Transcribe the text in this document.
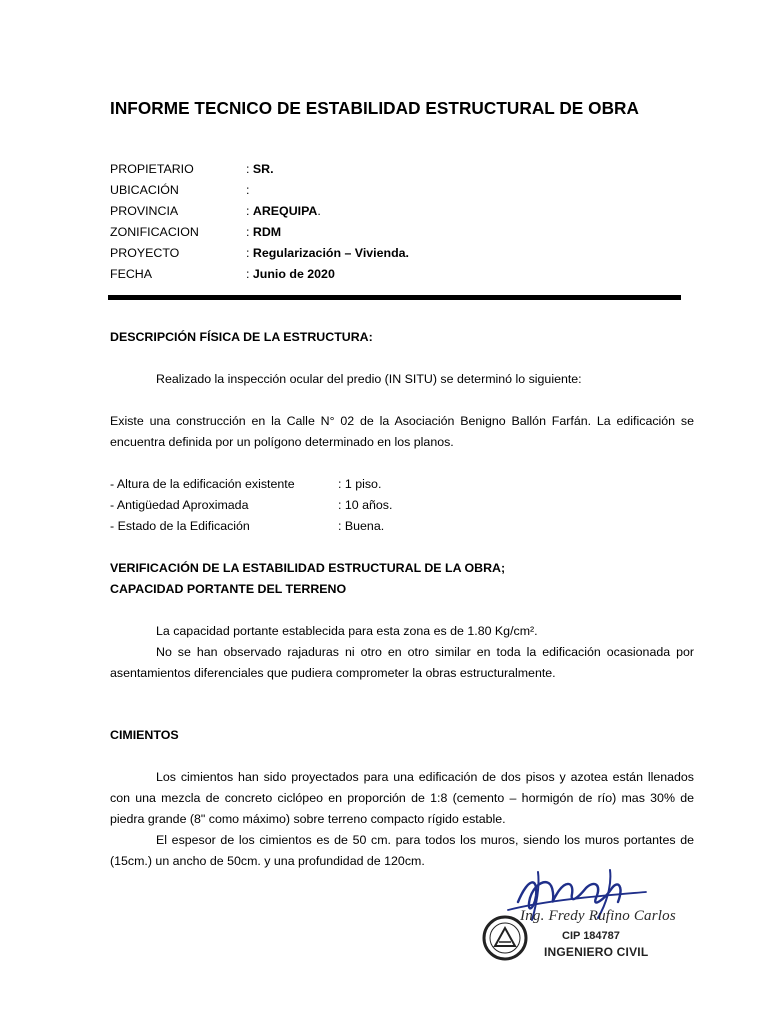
INFORME TECNICO DE ESTABILIDAD ESTRUCTURAL DE OBRA
PROPIETARIO	: SR.
UBICACIÓN	:
PROVINCIA	: AREQUIPA.
ZONIFICACION	: RDM
PROYECTO	: Regularización – Vivienda.
FECHA	: Junio de 2020
DESCRIPCIÓN FÍSICA DE LA ESTRUCTURA:
Realizado la inspección ocular del predio (IN SITU) se determinó lo siguiente:
Existe una construcción en la Calle N° 02 de la Asociación Benigno Ballón Farfán. La edificación se
encuentra definida por un polígono determinado en los planos.
- Altura de la edificación existente	: 1 piso.
- Antigüedad Aproximada	: 10 años.
- Estado de la Edificación	: Buena.
VERIFICACIÓN DE LA ESTABILIDAD ESTRUCTURAL DE LA OBRA;
CAPACIDAD PORTANTE DEL TERRENO
La capacidad portante establecida para esta zona es de 1.80 Kg/cm².
No se han observado rajaduras ni otro en otro similar en toda la edificación ocasionada por
asentamientos diferenciales que pudiera comprometer la obras estructuralmente.
CIMIENTOS
Los cimientos han sido proyectados para una edificación de dos pisos y azotea están llenados
con una mezcla de concreto ciclópeo en proporción de 1:8 (cemento – hormigón de río) mas 30% de
piedra grande (8" como máximo) sobre terreno compacto rígido estable.
El espesor de los cimientos es de 50 cm. para todos los muros, siendo los muros portantes de
(15cm.) un ancho de 50cm. y una profundidad de 120cm.
Ing. Fredy Rufino Carlos
CIP 184787
INGENIERO CIVIL
